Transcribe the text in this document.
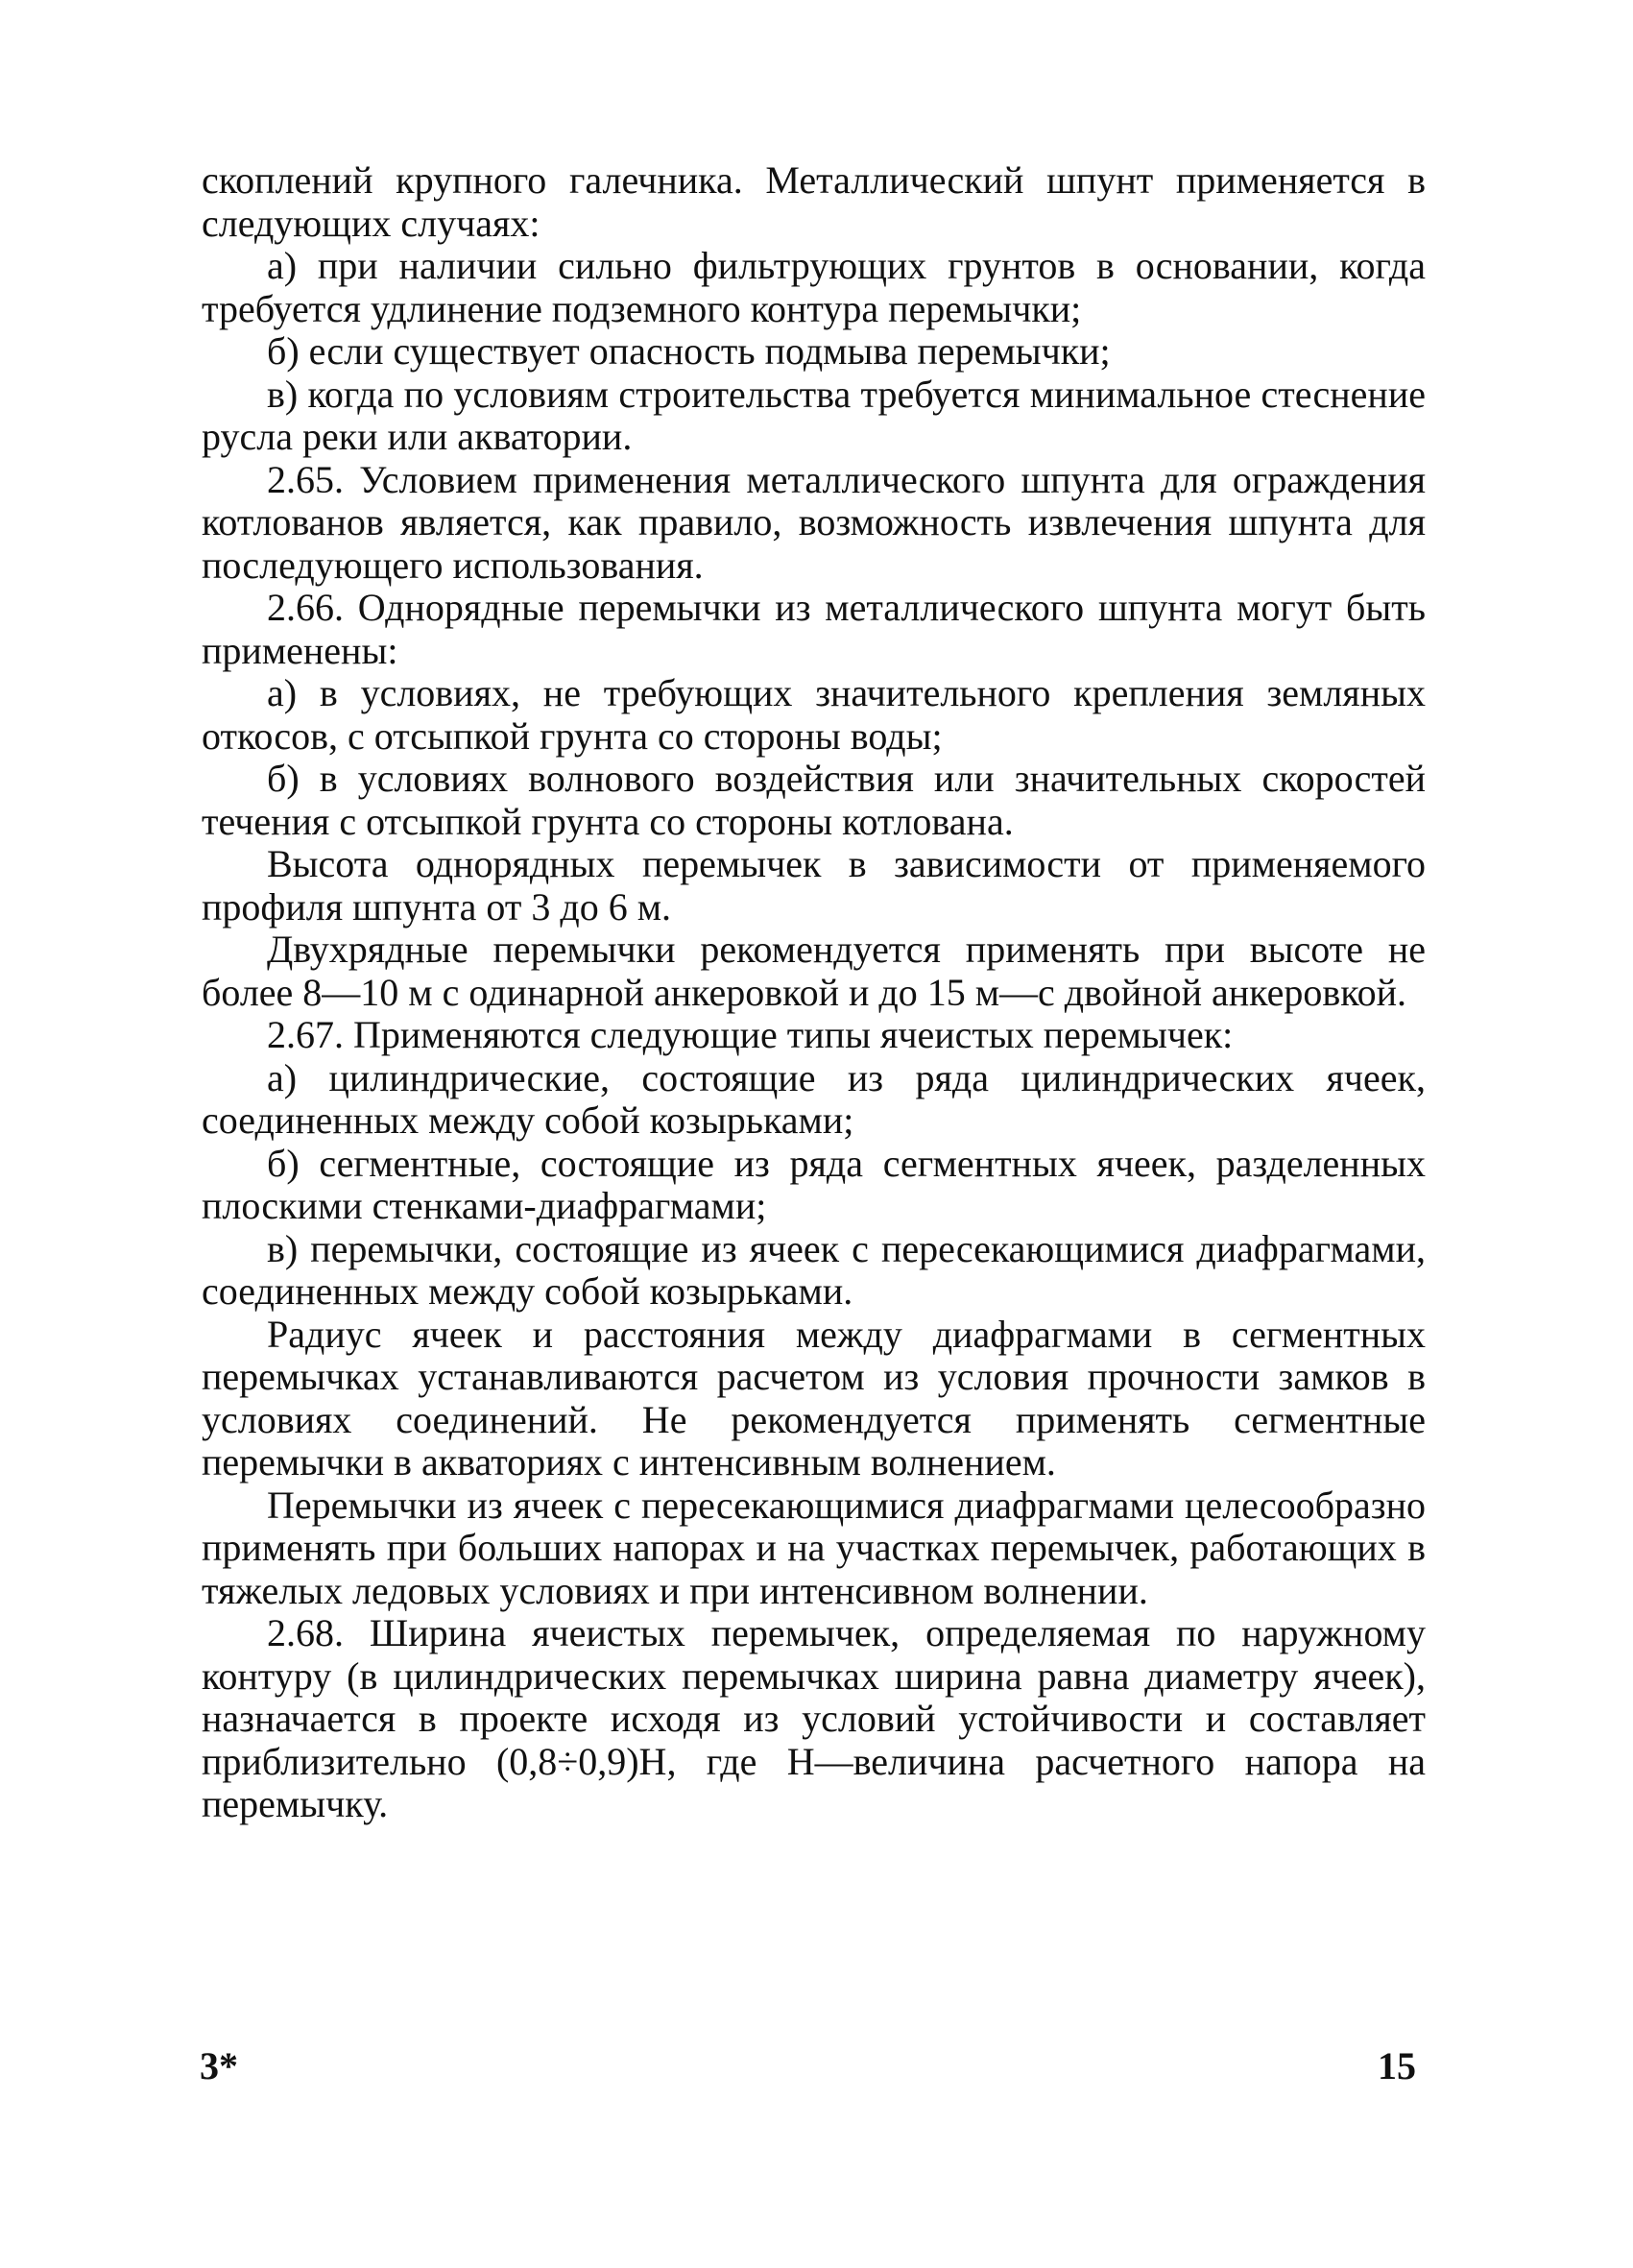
скоплений крупного галечника. Металлический шпунт применяется в следующих случаях:

а) при наличии сильно фильтрующих грунтов в основании, когда требуется удлинение подземного контура перемычки;

б) если существует опасность подмыва перемычки;

в) когда по условиям строительства требуется минимальное стеснение русла реки или акватории.

2.65. Условием применения металлического шпунта для ограждения котлованов является, как правило, возможность извлечения шпунта для последующего использования.

2.66. Однорядные перемычки из металлического шпунта могут быть применены:

а) в условиях, не требующих значительного крепления земляных откосов, с отсыпкой грунта со стороны воды;

б) в условиях волнового воздействия или значительных скоростей течения с отсыпкой грунта со стороны котлована.

Высота однорядных перемычек в зависимости от применяемого профиля шпунта от 3 до 6 м.

Двухрядные перемычки рекомендуется применять при высоте не более 8—10 м с одинарной анкеровкой и до 15 м—с двойной анкеровкой.

2.67. Применяются следующие типы ячеистых перемычек:

а) цилиндрические, состоящие из ряда цилиндрических ячеек, соединенных между собой козырьками;

б) сегментные, состоящие из ряда сегментных ячеек, разделенных плоскими стенками-диафрагмами;

в) перемычки, состоящие из ячеек с пересекающимися диафрагмами, соединенных между собой козырьками.

Радиус ячеек и расстояния между диафрагмами в сегментных перемычках устанавливаются расчетом из условия прочности замков в условиях соединений. Не рекомендуется применять сегментные перемычки в акваториях с интенсивным волнением.

Перемычки из ячеек с пересекающимися диафрагмами целесообразно применять при больших напорах и на участках перемычек, работающих в тяжелых ледовых условиях и при интенсивном волнении.

2.68. Ширина ячеистых перемычек, определяемая по наружному контуру (в цилиндрических перемычках ширина равна диаметру ячеек), назначается в проекте исходя из условий устойчивости и составляет приблизительно (0,8÷0,9)H, где H—величина расчетного напора на перемычку.

3*	15
